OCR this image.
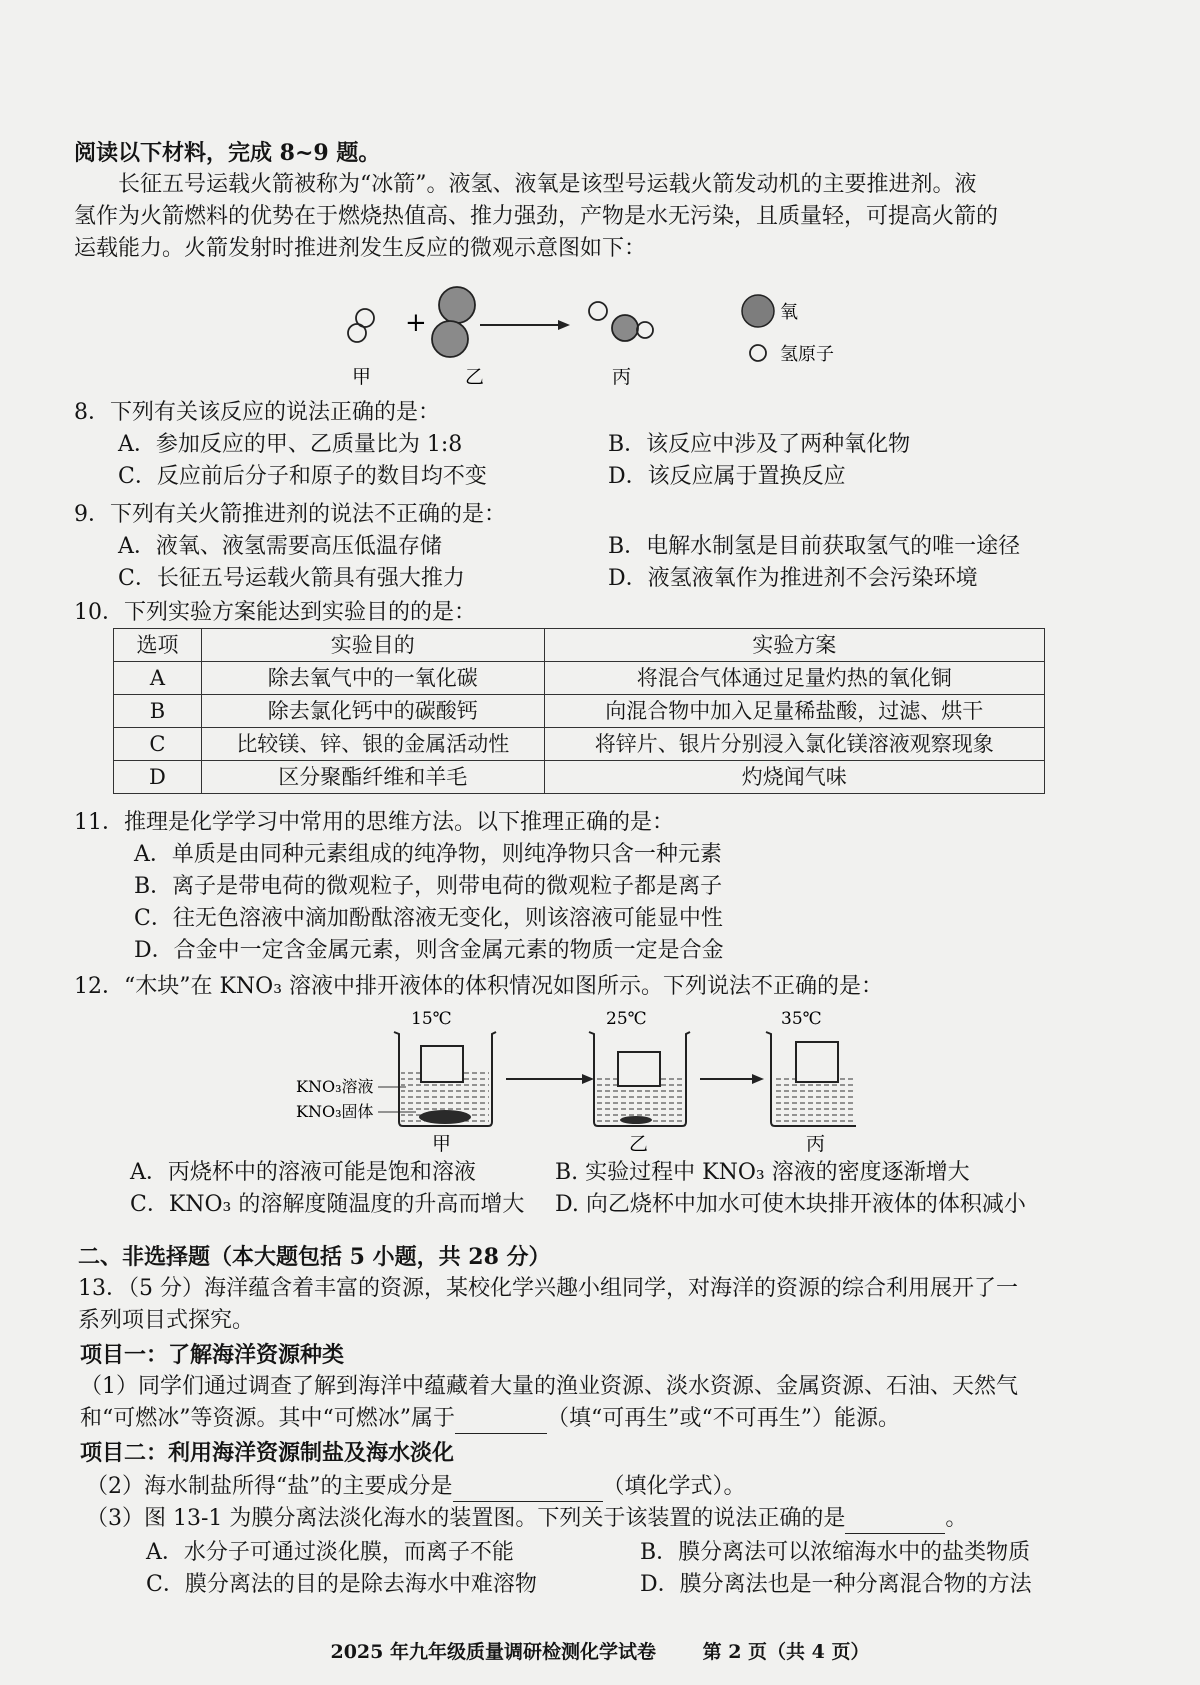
阅读以下材料，完成 8~9 题。
长征五号运载火箭被称为“冰箭”。液氢、液氧是该型号运载火箭发动机的主要推进剂。液
氢作为火箭燃料的优势在于燃烧热值高、推力强劲，产物是水无污染，且质量轻，可提高火箭的
运载能力。火箭发射时推进剂发生反应的微观示意图如下：
+	氧
氢原子
甲	乙	丙
8．下列有关该反应的说法正确的是：
A．参加反应的甲、乙质量比为 1:8	B．该反应中涉及了两种氧化物
C．反应前后分子和原子的数目均不变	D．该反应属于置换反应
9．下列有关火箭推进剂的说法不正确的是：
A．液氧、液氢需要高压低温存储	B．电解水制氢是目前获取氢气的唯一途径
C．长征五号运载火箭具有强大推力	D．液氢液氧作为推进剂不会污染环境
10．下列实验方案能达到实验目的的是：
选项	实验目的	实验方案
A	除去氧气中的一氧化碳	将混合气体通过足量灼热的氧化铜
B	除去氯化钙中的碳酸钙	向混合物中加入足量稀盐酸，过滤、烘干
C	比较镁、锌、银的金属活动性	将锌片、银片分别浸入氯化镁溶液观察现象
D	区分聚酯纤维和羊毛	灼烧闻气味
11．推理是化学学习中常用的思维方法。以下推理正确的是：
A．单质是由同种元素组成的纯净物，则纯净物只含一种元素
B．离子是带电荷的微观粒子，则带电荷的微观粒子都是离子
C．往无色溶液中滴加酚酞溶液无变化，则该溶液可能显中性
D．合金中一定含金属元素，则含金属元素的物质一定是合金
12．“木块”在 KNO₃ 溶液中排开液体的体积情况如图所示。下列说法不正确的是：
15℃	25℃	35℃
KNO₃溶液
KNO₃固体
甲	乙	丙
A．丙烧杯中的溶液可能是饱和溶液	B. 实验过程中 KNO₃ 溶液的密度逐渐增大
C．KNO₃ 的溶解度随温度的升高而增大 D. 向乙烧杯中加水可使木块排开液体的体积减小
二、非选择题（本大题包括 5 小题，共 28 分）
13．（5 分）海洋蕴含着丰富的资源，某校化学兴趣小组同学，对海洋的资源的综合利用展开了一
系列项目式探究。
项目一：了解海洋资源种类
（1）同学们通过调查了解到海洋中蕴藏着大量的渔业资源、淡水资源、金属资源、石油、天然气
和“可燃冰”等资源。其中“可燃冰”属于	（填“可再生”或“不可再生”）能源。
项目二：利用海洋资源制盐及海水淡化
（2）海水制盐所得“盐”的主要成分是	（填化学式）。
（3）图 13-1 为膜分离法淡化海水的装置图。下列关于该装置的说法正确的是	。
A．水分子可通过淡化膜，而离子不能	B．膜分离法可以浓缩海水中的盐类物质
C．膜分离法的目的是除去海水中难溶物	D．膜分离法也是一种分离混合物的方法
2025 年九年级质量调研检测化学试卷 第 2 页（共 4 页）
